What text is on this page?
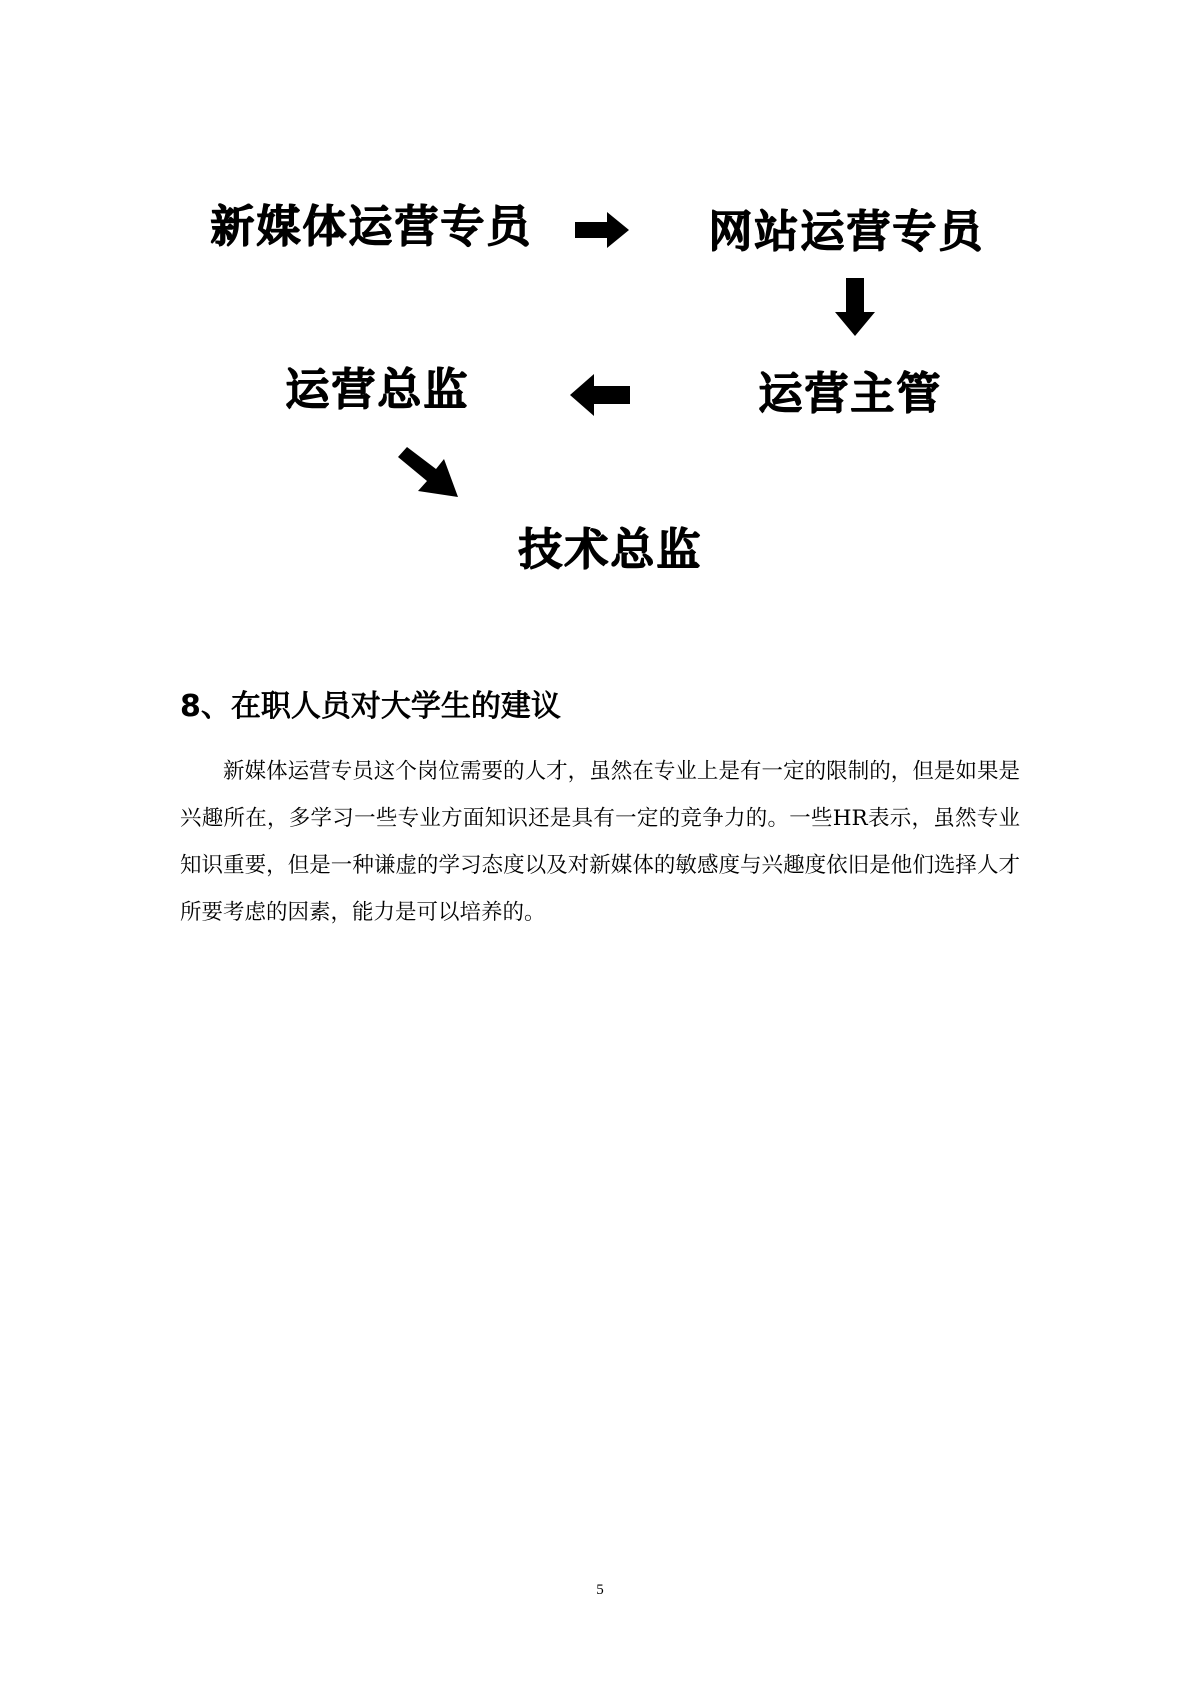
新媒体运营专员	网站运营专员
运营总监	运营主管
技术总监
8、在职人员对大学生的建议

新媒体运营专员这个岗位需要的人才，虽然在专业上是有一定的限制的，但是如果是兴趣所在，多学习一些专业方面知识还是具有一定的竞争力的。一些HR表示，虽然专业知识重要，但是一种谦虚的学习态度以及对新媒体的敏感度与兴趣度依旧是他们选择人才所要考虑的因素，能力是可以培养的。

5
